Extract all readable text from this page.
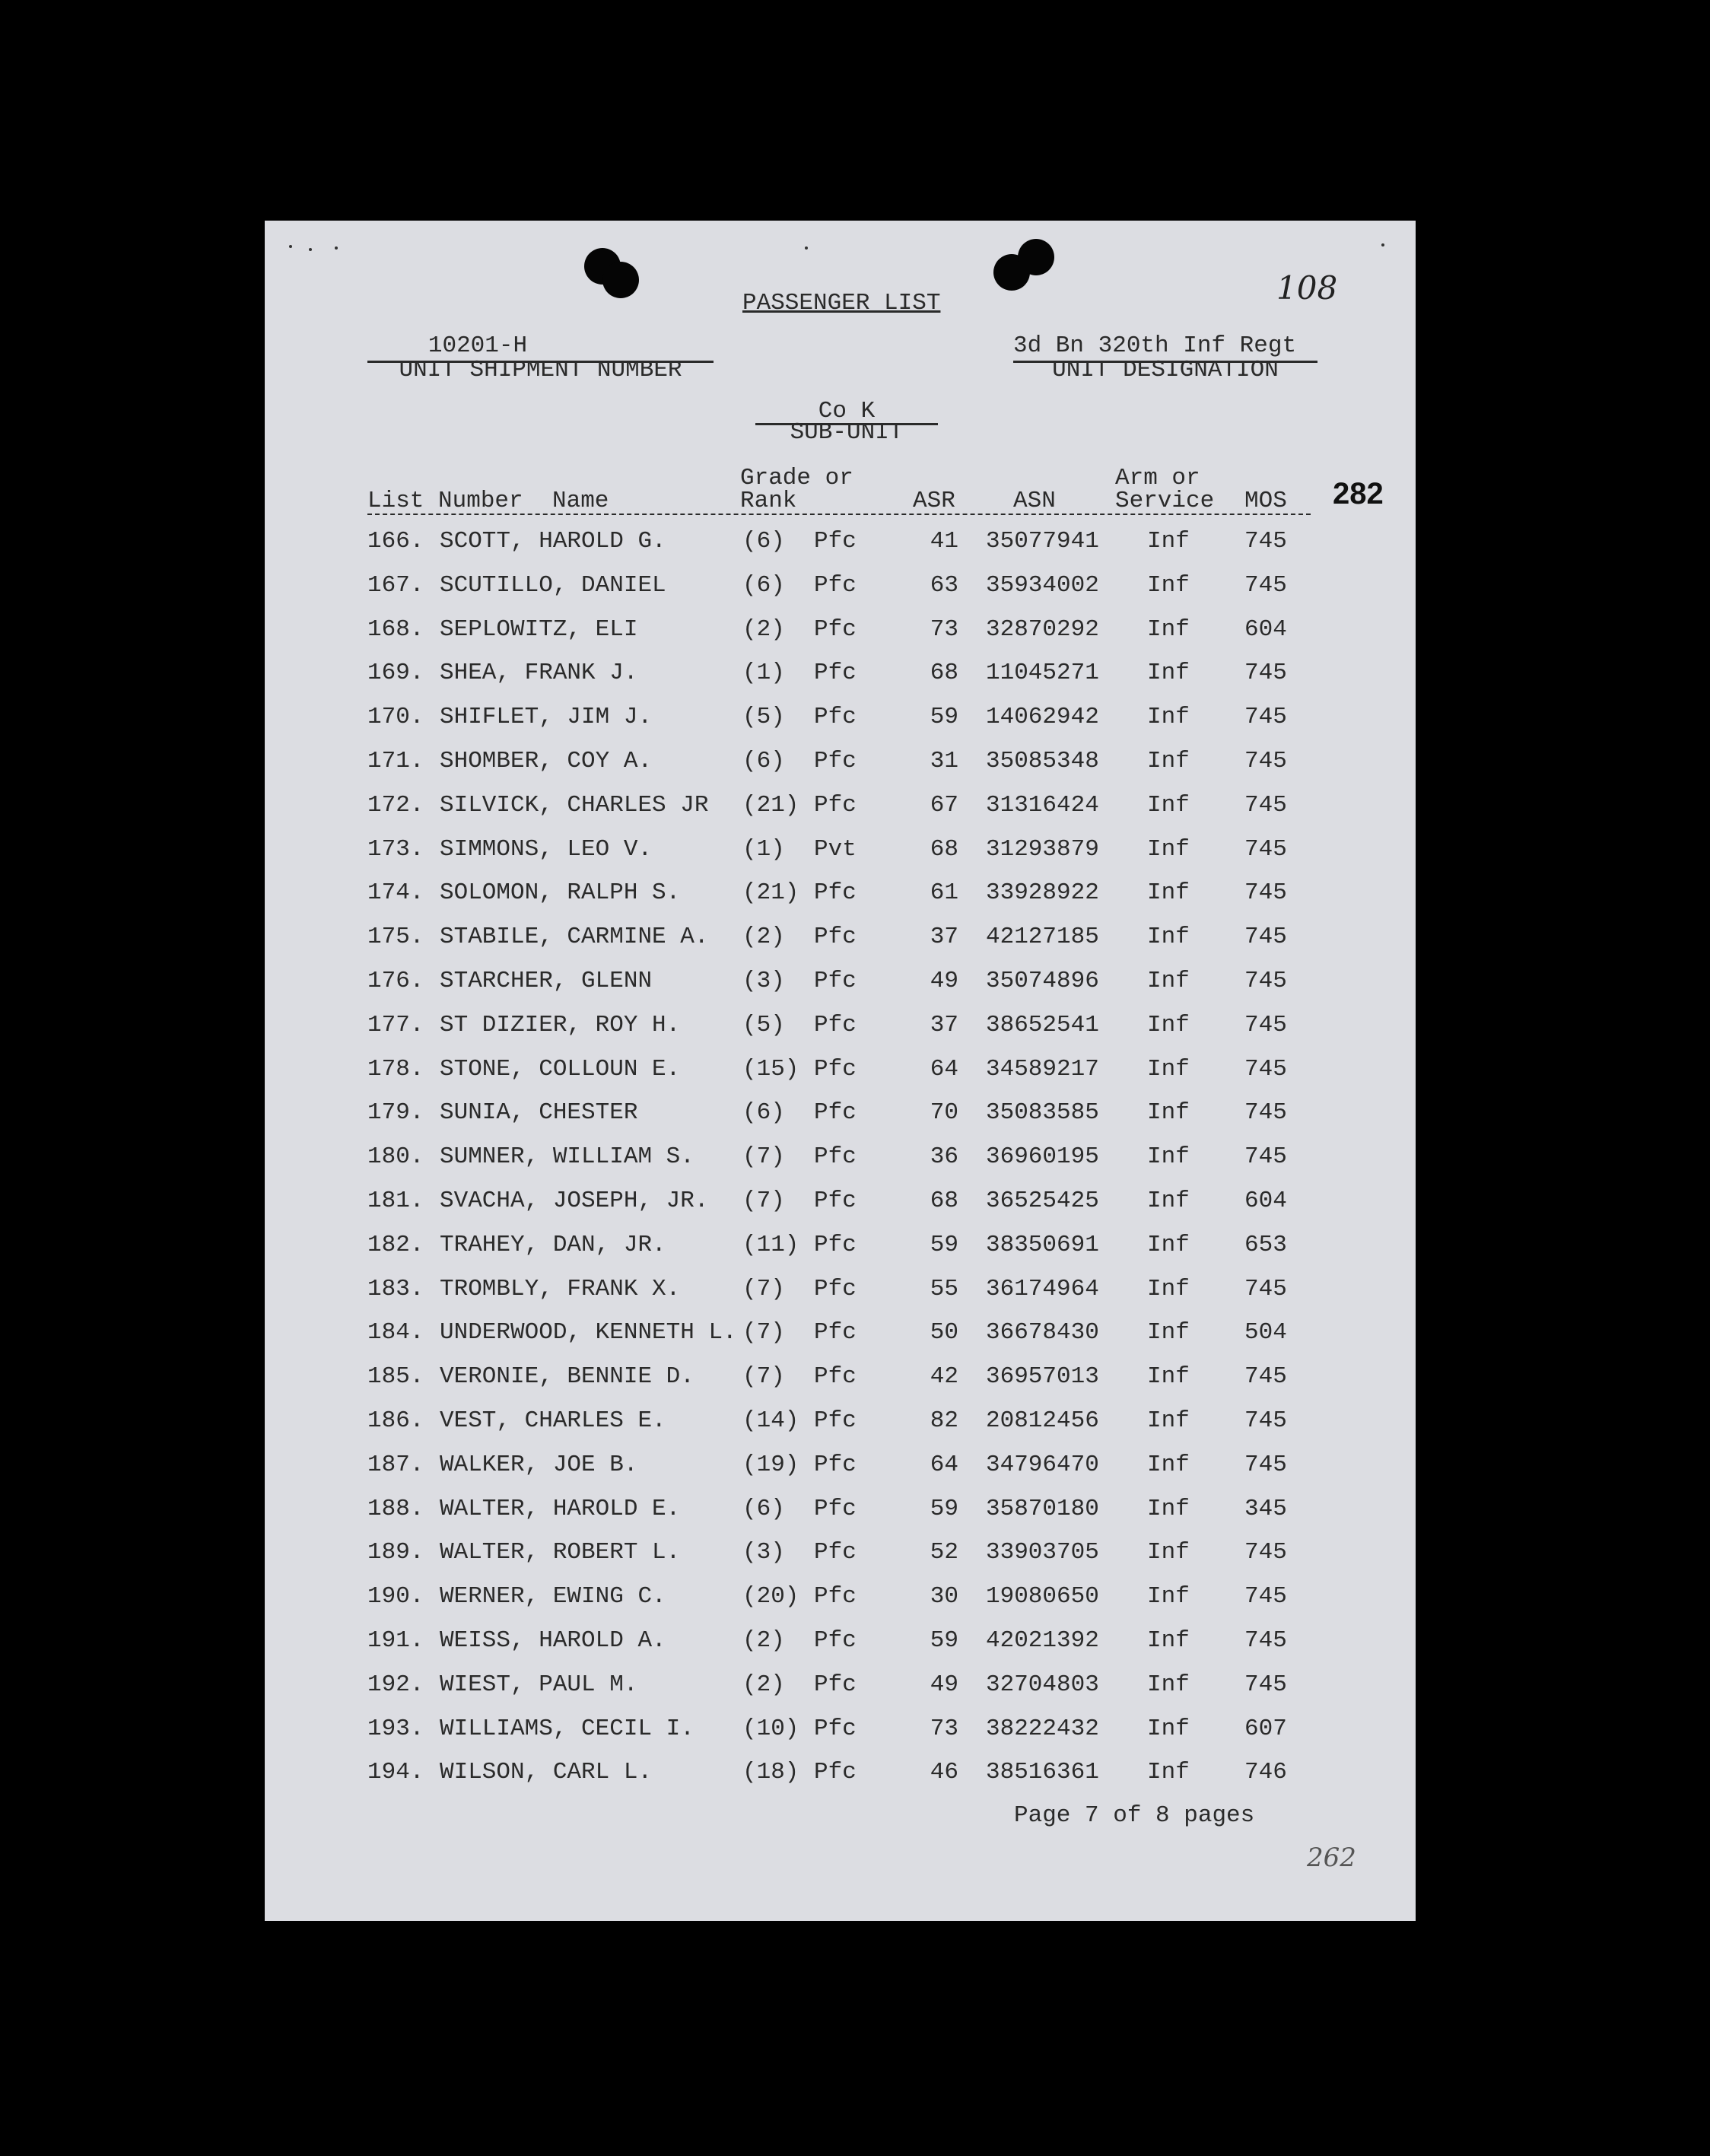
PASSENGER LIST	108
10201-H
UNIT SHIPMENT NUMBER
3d Bn 320th Inf Regt
UNIT DESIGNATION
Co K
SUB-UNIT
282
List Number Name
Grade or
Rank	ASR ASN
Arm or
Service MOS
166. SCOTT, HAROLD G.	(6) Pfc	41 35077941 Inf 745
167. SCUTILLO, DANIEL	(6) Pfc	63 35934002 Inf 745
168. SEPLOWITZ, ELI	(2) Pfc	73 32870292 Inf 604
169. SHEA, FRANK J.	(1) Pfc	68 11045271 Inf 745
170. SHIFLET, JIM J.	(5) Pfc	59 14062942 Inf 745
171. SHOMBER, COY A.	(6) Pfc	31 35085348 Inf 745
172. SILVICK, CHARLES JR (21) Pfc	67 31316424 Inf 745
173. SIMMONS, LEO V.	(1) Pvt	68 31293879 Inf 745
174. SOLOMON, RALPH S.	(21) Pfc	61 33928922 Inf 745
175. STABILE, CARMINE A. (2) Pfc	37 42127185 Inf 745
176. STARCHER, GLENN	(3) Pfc	49 35074896 Inf 745
177. ST DIZIER, ROY H.	(5) Pfc	37 38652541 Inf 745
178. STONE, COLLOUN E.	(15) Pfc	64 34589217 Inf 745
179. SUNIA, CHESTER	(6) Pfc	70 35083585 Inf 745
180. SUMNER, WILLIAM S. (7) Pfc	36 36960195 Inf 745
181. SVACHA, JOSEPH, JR. (7) Pfc	68 36525425 Inf 604
182. TRAHEY, DAN, JR.	(11) Pfc	59 38350691 Inf 653
183. TROMBLY, FRANK X.	(7) Pfc	55 36174964 Inf 745
184. UNDERWOOD, KENNETH L. (7) Pfc	50 36678430 Inf 504
185. VERONIE, BENNIE D. (7) Pfc	42 36957013 Inf 745
186. VEST, CHARLES E.	(14) Pfc	82 20812456 Inf 745
187. WALKER, JOE B.	(19) Pfc	64 34796470 Inf 745
188. WALTER, HAROLD E.	(6) Pfc	59 35870180 Inf 345
189. WALTER, ROBERT L.	(3) Pfc	52 33903705 Inf 745
190. WERNER, EWING C.	(20) Pfc	30 19080650 Inf 745
191. WEISS, HAROLD A.	(2) Pfc	59 42021392 Inf 745
192. WIEST, PAUL M.	(2) Pfc	49 32704803 Inf 745
193. WILLIAMS, CECIL I. (10) Pfc	73 38222432 Inf 607
194. WILSON, CARL L.	(18) Pfc	46 38516361 Inf 746
Page 7 of 8 pages
262
